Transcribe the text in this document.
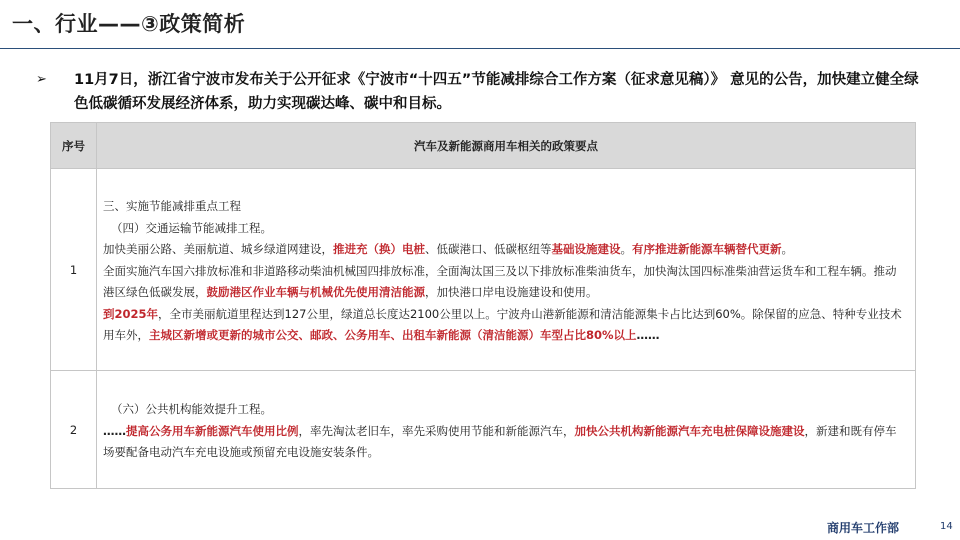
一、行业——③政策简析
➢	11月7日，浙江省宁波市发布关于公开征求《宁波市“十四五”节能减排综合工作方案（征求意见稿）》 意见的公告，加快建立健全绿色低碳循环发展经济体系，助力实现碳达峰、碳中和目标。
序号	汽车及新能源商用车相关的政策要点
1	三、实施节能减排重点工程

（四）交通运输节能减排工程。

加快美丽公路、美丽航道、城乡绿道网建设，推进充（换）电桩、低碳港口、低碳枢纽等基础设施建设。有序推进新能源车辆替代更新。

全面实施汽车国六排放标准和非道路移动柴油机械国四排放标准，全面淘汰国三及以下排放标准柴油货车，加快淘汰国四标准柴油营运货车和工程车辆。推动港区绿色低碳发展，鼓励港区作业车辆与机械优先使用清洁能源，加快港口岸电设施建设和使用。

到2025年，全市美丽航道里程达到127公里，绿道总长度达2100公里以上。宁波舟山港新能源和清洁能源集卡占比达到60%。除保留的应急、特种专业技术用车外，主城区新增或更新的城市公交、邮政、公务用车、出租车新能源（清洁能源）车型占比80%以上……

2	（六）公共机构能效提升工程。

……提高公务用车新能源汽车使用比例，率先淘汰老旧车，率先采购使用节能和新能源汽车，加快公共机构新能源汽车充电桩保障设施建设，新建和既有停车场要配备电动汽车充电设施或预留充电设施安装条件。

商用车工作部	14
